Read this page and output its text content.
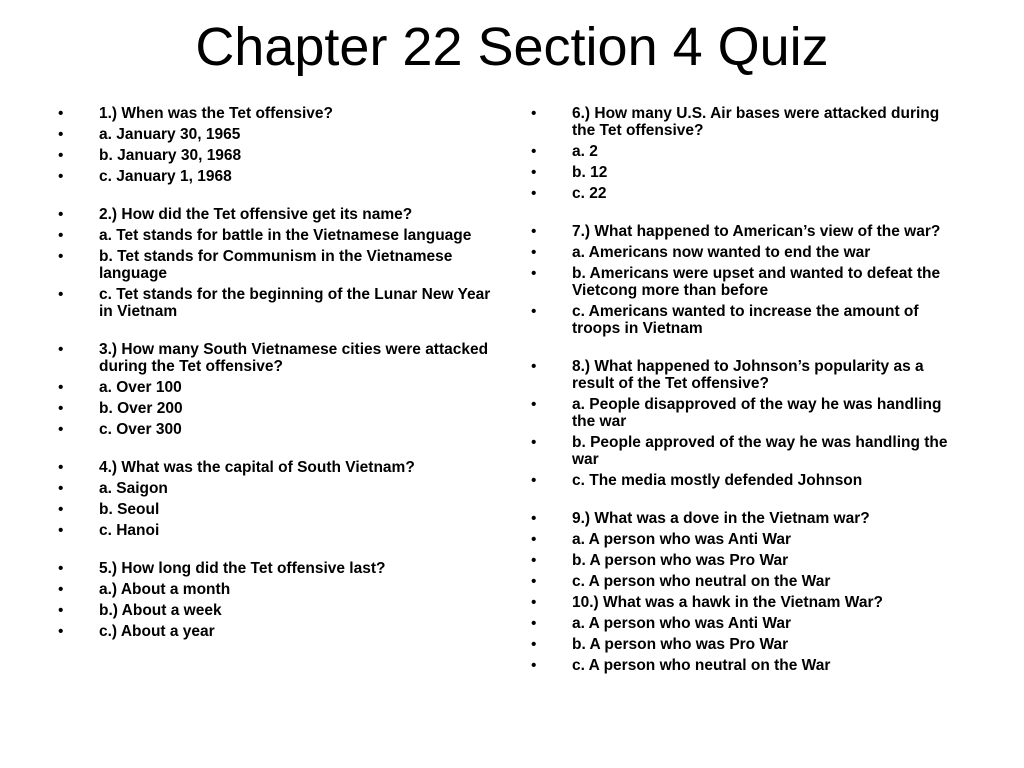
Chapter 22 Section 4 Quiz
• 1.) When was the Tet offensive?
• a. January 30, 1965
• b. January 30, 1968
• c. January 1, 1968
• 2.) How did the Tet offensive get its name?
• a. Tet stands for battle in the Vietnamese language
• b. Tet stands for Communism in the Vietnamese language
• c. Tet stands for the beginning of the Lunar New Year in Vietnam
• 3.) How many South Vietnamese cities were attacked during the Tet offensive?
• a. Over 100
• b. Over 200
• c. Over 300
• 4.) What was the capital of South Vietnam?
• a. Saigon
• b. Seoul
• c. Hanoi
• 5.) How long did the Tet offensive last?
• a.) About a month
• b.) About a week
• c.) About a year
• 6.) How many U.S. Air bases were attacked during the Tet offensive?
• a. 2
• b. 12
• c. 22
• 7.) What happened to American’s view of the war?
• a. Americans now wanted to end the war
• b. Americans were upset and wanted to defeat the Vietcong more than before
• c. Americans wanted to increase the amount of troops in Vietnam
• 8.) What happened to Johnson’s popularity as a result of the Tet offensive?
• a. People disapproved of the way he was handling the war
• b. People approved of the way he was handling the war
• c. The media mostly defended Johnson
• 9.) What was a dove in the Vietnam war?
• a. A person who was Anti War
• b. A person who was Pro War
• c. A person who neutral on the War
• 10.) What was a hawk in the Vietnam War?
• a. A person who was Anti War
• b. A person who was Pro War
• c. A person who neutral on the War
